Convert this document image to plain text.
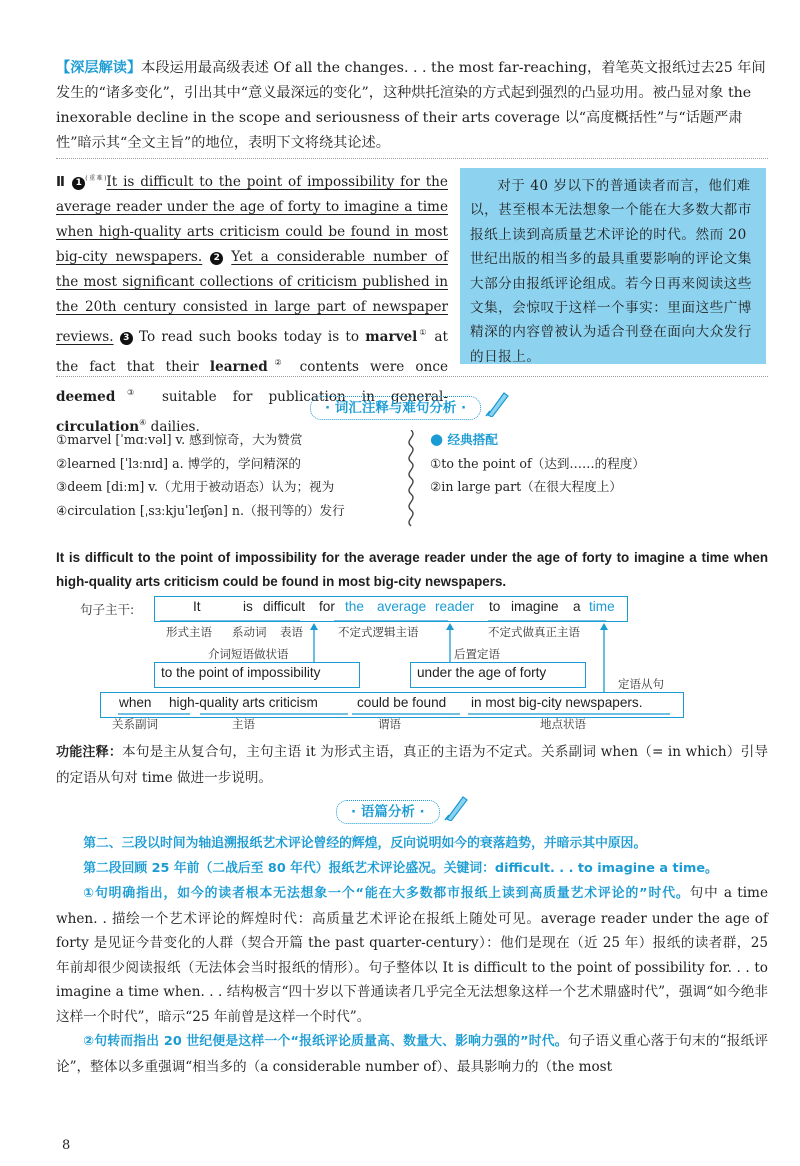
【深层解读】本段运用最高级表述 Of all the changes. . . the most far-reaching，着笔英文报纸过去25 年间发生的“诸多变化”，引出其中“意义最深远的变化”，这种烘托渲染的方式起到强烈的凸显功用。被凸显对象 the inexorable decline in the scope and seriousness of their arts coverage 以“高度概括性”与“话题严肃性”暗示其“全文主旨”的地位，表明下文将绕其论述。
Ⅱ 1 $^{(重难)}$It is difficult to the point of impossibility for the average reader under the age of forty to imagine a time when high-quality arts criticism could be found in most big-city newspapers. 2 Yet a considerable number of the most significant collections of criticism published in the 20th century consisted in large part of newspaper reviews. 3 To read such books today is to marvel① at the fact that their learned② contents were once deemed③ suitable for publication in general-circulation④ dailies.
对于 40 岁以下的普通读者而言，他们难以，甚至根本无法想象一个能在大多数大都市报纸上读到高质量艺术评论的时代。然而 20 世纪出版的相当多的最具重要影响的评论文集大部分由报纸评论组成。若今日再来阅读这些文集，会惊叹于这样一个事实：里面这些广博精深的内容曾被认为适合刊登在面向大众发行的日报上。
· 词汇注释与难句分析 ·
①marvel [ˈmɑːvəl] v. 感到惊奇，大为赞赏
②learned [ˈlɜːnɪd] a. 博学的，学问精深的
③deem [diːm] v.（尤用于被动语态）认为；视为
④circulation [ˌsɜːkjuˈleɪʃən] n.（报刊等的）发行
● 经典搭配
①to the point of（达到……的程度）
②in large part（在很大程度上）
It is difficult to the point of impossibility for the average reader under the age of forty to imagine a time when high-quality arts criticism could be found in most big-city newspapers.
句子主干:	It	is difficult for the average reader to imagine a time
形式主语 系动词 表语	不定式逻辑主语	不定式做真正主语
介词短语做状语	后置定语
定语从句
to the point of impossibility	under the age of forty
when high-quality arts criticism	could be found in most big-city newspapers.
关系副词	主语	谓语	地点状语
功能注释：本句是主从复合句，主句主语 it 为形式主语，真正的主语为不定式。关系副词 when（= in which）引导的定语从句对 time 做进一步说明。
· 语篇分析 ·
第二、三段以时间为轴追溯报纸艺术评论曾经的辉煌，反向说明如今的衰落趋势，并暗示其中原因。
第二段回顾 25 年前（二战后至 80 年代）报纸艺术评论盛况。关键词：difficult. . . to imagine a time。
①句明确指出，如今的读者根本无法想象一个“能在大多数都市报纸上读到高质量艺术评论的”时代。句中 a time when. . 描绘一个艺术评论的辉煌时代：高质量艺术评论在报纸上随处可见。average reader under the age of forty 是见证今昔变化的人群（契合开篇 the past quarter-century）：他们是现在（近 25 年）报纸的读者群，25 年前却很少阅读报纸（无法体会当时报纸的情形）。句子整体以 It is difficult to the point of possibility for. . . to imagine a time when. . . 结构极言“四十岁以下普通读者几乎完全无法想象这样一个艺术鼎盛时代”，强调“如今绝非这样一个时代”，暗示“25 年前曾是这样一个时代”。
②句转而指出 20 世纪便是这样一个“报纸评论质量高、数量大、影响力强的”时代。句子语义重心落于句末的“报纸评论”，整体以多重强调“相当多的（a considerable number of）、最具影响力的（the most
8
